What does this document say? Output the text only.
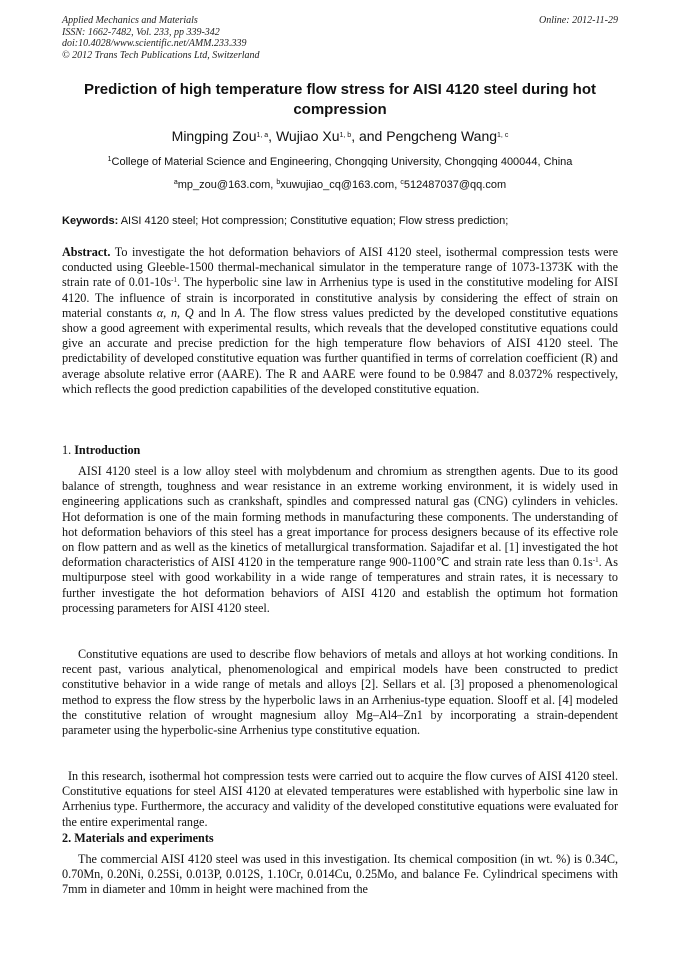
Applied Mechanics and Materials
ISSN: 1662-7482, Vol. 233, pp 339-342
doi:10.4028/www.scientific.net/AMM.233.339
© 2012 Trans Tech Publications Ltd, Switzerland
Online: 2012-11-29
Prediction of high temperature flow stress for AISI 4120 steel during hot compression
Mingping Zou$^{1, a}$, Wujiao Xu$^{1, b}$, and Pengcheng Wang$^{1, c}$
$^1$College of Material Science and Engineering, Chongqing University, Chongqing 400044, China
$^a$mp_zou@163.com, $^b$xuwujiao_cq@163.com, $^c$512487037@qq.com
Keywords: AISI 4120 steel; Hot compression; Constitutive equation; Flow stress prediction;
Abstract. To investigate the hot deformation behaviors of AISI 4120 steel, isothermal compression tests were conducted using Gleeble-1500 thermal-mechanical simulator in the temperature range of 1073-1373K with the strain rate of $0.01-10s^{-1}$. The hyperbolic sine law in Arrhenius type is used in the constitutive modeling for AISI 4120. The influence of strain is incorporated in constitutive analysis by considering the effect of strain on material constants α, n, Q and ln A. The flow stress values predicted by the developed constitutive equations show a good agreement with experimental results, which reveals that the developed constitutive equations could give an accurate and precise prediction for the high temperature flow behaviors of AISI 4120 steel. The predictability of developed constitutive equation was further quantified in terms of correlation coefficient (R) and average absolute relative error (AARE). The R and AARE were found to be 0.9847 and 8.0372% respectively, which reflects the good prediction capabilities of the developed constitutive equation.
1. Introduction
AISI 4120 steel is a low alloy steel with molybdenum and chromium as strengthen agents. Due to its good balance of strength, toughness and wear resistance in an extreme working environment, it is widely used in engineering applications such as crankshaft, spindles and compressed natural gas (CNG) cylinders in vehicles. Hot deformation is one of the main forming methods in manufacturing these components. The understanding of hot deformation behaviors of this steel has a great importance for process designers because of its effective role on flow pattern and as well as the kinetics of metallurgical transformation. Sajadifar et al. [1] investigated the hot deformation characteristics of AISI 4120 in the temperature range 900-1100℃ and strain rate less than $0.1s^{-1}$. As multipurpose steel with good workability in a wide range of temperatures and strain rates, it is necessary to further investigate the hot deformation behaviors of AISI 4120 and establish the optimum hot formation processing parameters for AISI 4120 steel.
Constitutive equations are used to describe flow behaviors of metals and alloys at hot working conditions. In recent past, various analytical, phenomenological and empirical models have been constructed to predict constitutive behavior in a wide range of metals and alloys [2]. Sellars et al. [3] proposed a phenomenological method to express the flow stress by the hyperbolic laws in an Arrhenius-type equation. Slooff et al. [4] modeled the constitutive relation of wrought magnesium alloy Mg–Al4–Zn1 by incorporating a strain-dependent parameter using the hyperbolic-sine Arrhenius type constitutive equation.
In this research, isothermal hot compression tests were carried out to acquire the flow curves of AISI 4120 steel. Constitutive equations for steel AISI 4120 at elevated temperatures were established with hyperbolic sine law in Arrhenius type. Furthermore, the accuracy and validity of the developed constitutive equations were evaluated for the entire experimental range.
2. Materials and experiments
The commercial AISI 4120 steel was used in this investigation. Its chemical composition (in wt. %) is 0.34C, 0.70Mn, 0.20Ni, 0.25Si, 0.013P, 0.012S, 1.10Cr, 0.014Cu, 0.25Mo, and balance Fe. Cylindrical specimens with 7mm in diameter and 10mm in height were machined from the
